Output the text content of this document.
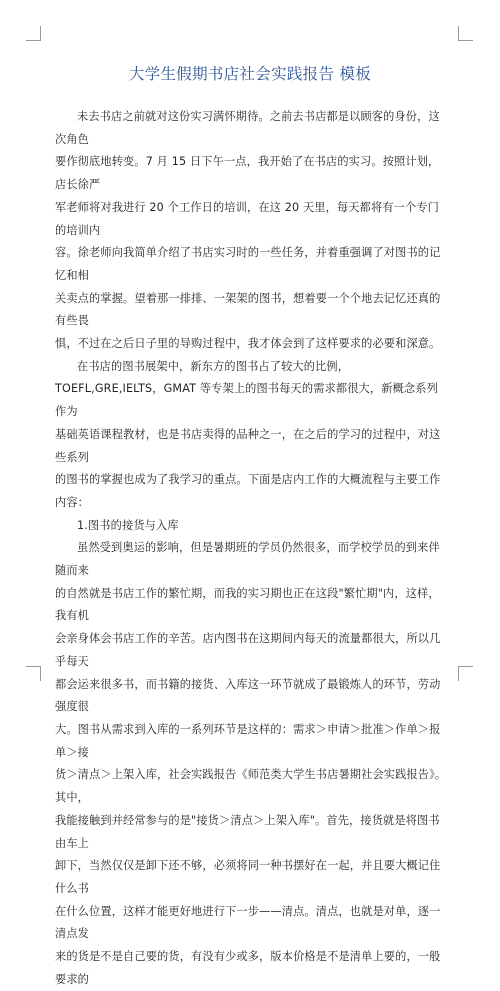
大学生假期书店社会实践报告 模板

未去书店之前就对这份实习满怀期待。之前去书店都是以顾客的身份，这次角色

要作彻底地转变。7 月 15 日下午一点，我开始了在书店的实习。按照计划，店长徐严

军老师将对我进行 20 个工作日的培训，在这 20 天里，每天都将有一个专门的培训内

容。徐老师向我简单介绍了书店实习时的一些任务，并着重强调了对图书的记忆和相

关卖点的掌握。望着那一排排、一架架的图书，想着要一个个地去记忆还真的有些畏

惧，不过在之后日子里的导购过程中，我才体会到了这样要求的必要和深意。

在书店的图书展架中，新东方的图书占了较大的比例，

TOEFL,GRE,IELTS，GMAT 等专架上的图书每天的需求都很大，新概念系列作为

基础英语课程教材，也是书店卖得的品种之一，在之后的学习的过程中，对这些系列

的图书的掌握也成为了我学习的重点。下面是店内工作的大概流程与主要工作内容：

1.图书的接货与入库

虽然受到奥运的影响，但是暑期班的学员仍然很多，而学校学员的到来伴随而来

的自然就是书店工作的繁忙期，而我的实习期也正在这段"繁忙期"内，这样，我有机

会亲身体会书店工作的辛苦。店内图书在这期间内每天的流量都很大，所以几乎每天

都会运来很多书，而书籍的接货、入库这一环节就成了最锻炼人的环节，劳动强度很

大。图书从需求到入库的一系列环节是这样的：需求＞申请＞批准＞作单＞报单＞接

货＞清点＞上架入库，社会实践报告《师范类大学生书店暑期社会实践报告》。其中，

我能接触到并经常参与的是"接货＞清点＞上架入库"。首先，接货就是将图书由车上

卸下，当然仅仅是卸下还不够，必须将同一种书摆好在一起，并且要大概记住什么书

在什么位置，这样才能更好地进行下一步——清点。清点，也就是对单，逐一清点发

来的货是不是自己要的货，有没有少或多，版本价格是不是清单上要的，一般要求的
